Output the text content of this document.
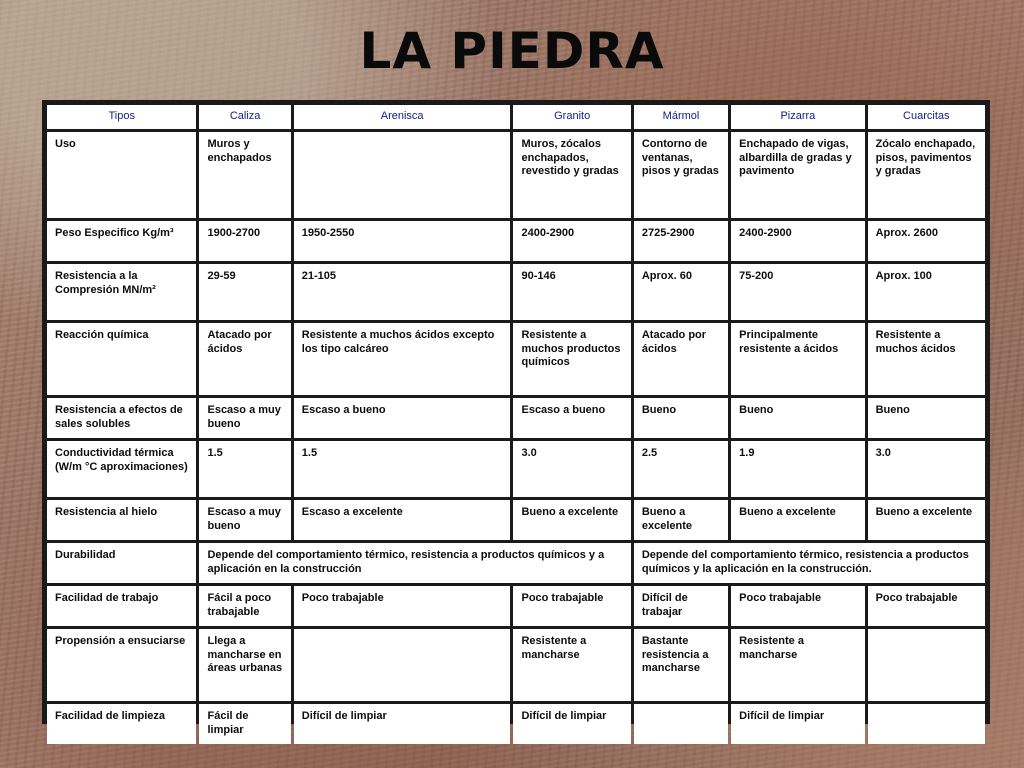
LA PIEDRA
Tipos	Caliza	Arenisca	Granito	Mármol	Pizarra	Cuarcitas
Uso	Muros y enchapados		Muros, zócalos enchapados, revestido y gradas	Contorno de ventanas, pisos y gradas	Enchapado de vigas, albardilla de gradas y pavimento	Zócalo enchapado, pisos, pavimentos y gradas
Peso Especifico Kg/m³	1900-2700	1950-2550	2400-2900	2725-2900	2400-2900	Aprox. 2600
Resistencia a la Compresión MN/m²	29-59	21-105	90-146	Aprox. 60	75-200	Aprox. 100
Reacción química	Atacado por ácidos	Resistente a muchos ácidos excepto los tipo calcáreo	Resistente a muchos productos químicos	Atacado por ácidos	Principalmente resistente a ácidos	Resistente a muchos ácidos
Resistencia a efectos de sales solubles	Escaso a muy bueno	Escaso a bueno	Escaso a bueno	Bueno	Bueno	Bueno
Conductividad térmica (W/m °C aproximaciones)	1.5	1.5	3.0	2.5	1.9	3.0
Resistencia al hielo	Escaso a muy bueno	Escaso a excelente	Bueno a excelente	Bueno a excelente	Bueno a excelente	Bueno a excelente
Durabilidad	Depende del comportamiento térmico, resistencia a productos químicos y a aplicación en la construcción			Depende del comportamiento térmico, resistencia a productos químicos y la aplicación en la construcción.		
Facilidad de trabajo	Fácil a poco trabajable	Poco trabajable	Poco trabajable	Difícil de trabajar	Poco trabajable	Poco trabajable
Propensión a ensuciarse	Llega a mancharse en áreas urbanas		Resistente a mancharse	Bastante resistencia a mancharse	Resistente a mancharse	
Facilidad de limpieza	Fácil de limpiar	Difícil de limpiar	Difícil de limpiar		Difícil de limpiar	
